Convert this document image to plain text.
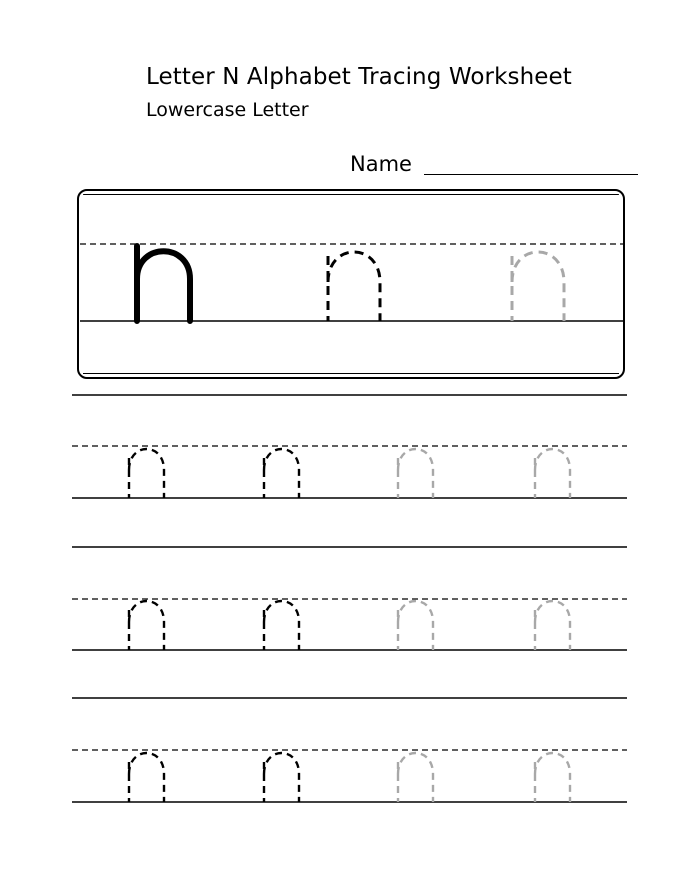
Letter N Alphabet Tracing Worksheet
Lowercase Letter
Name
